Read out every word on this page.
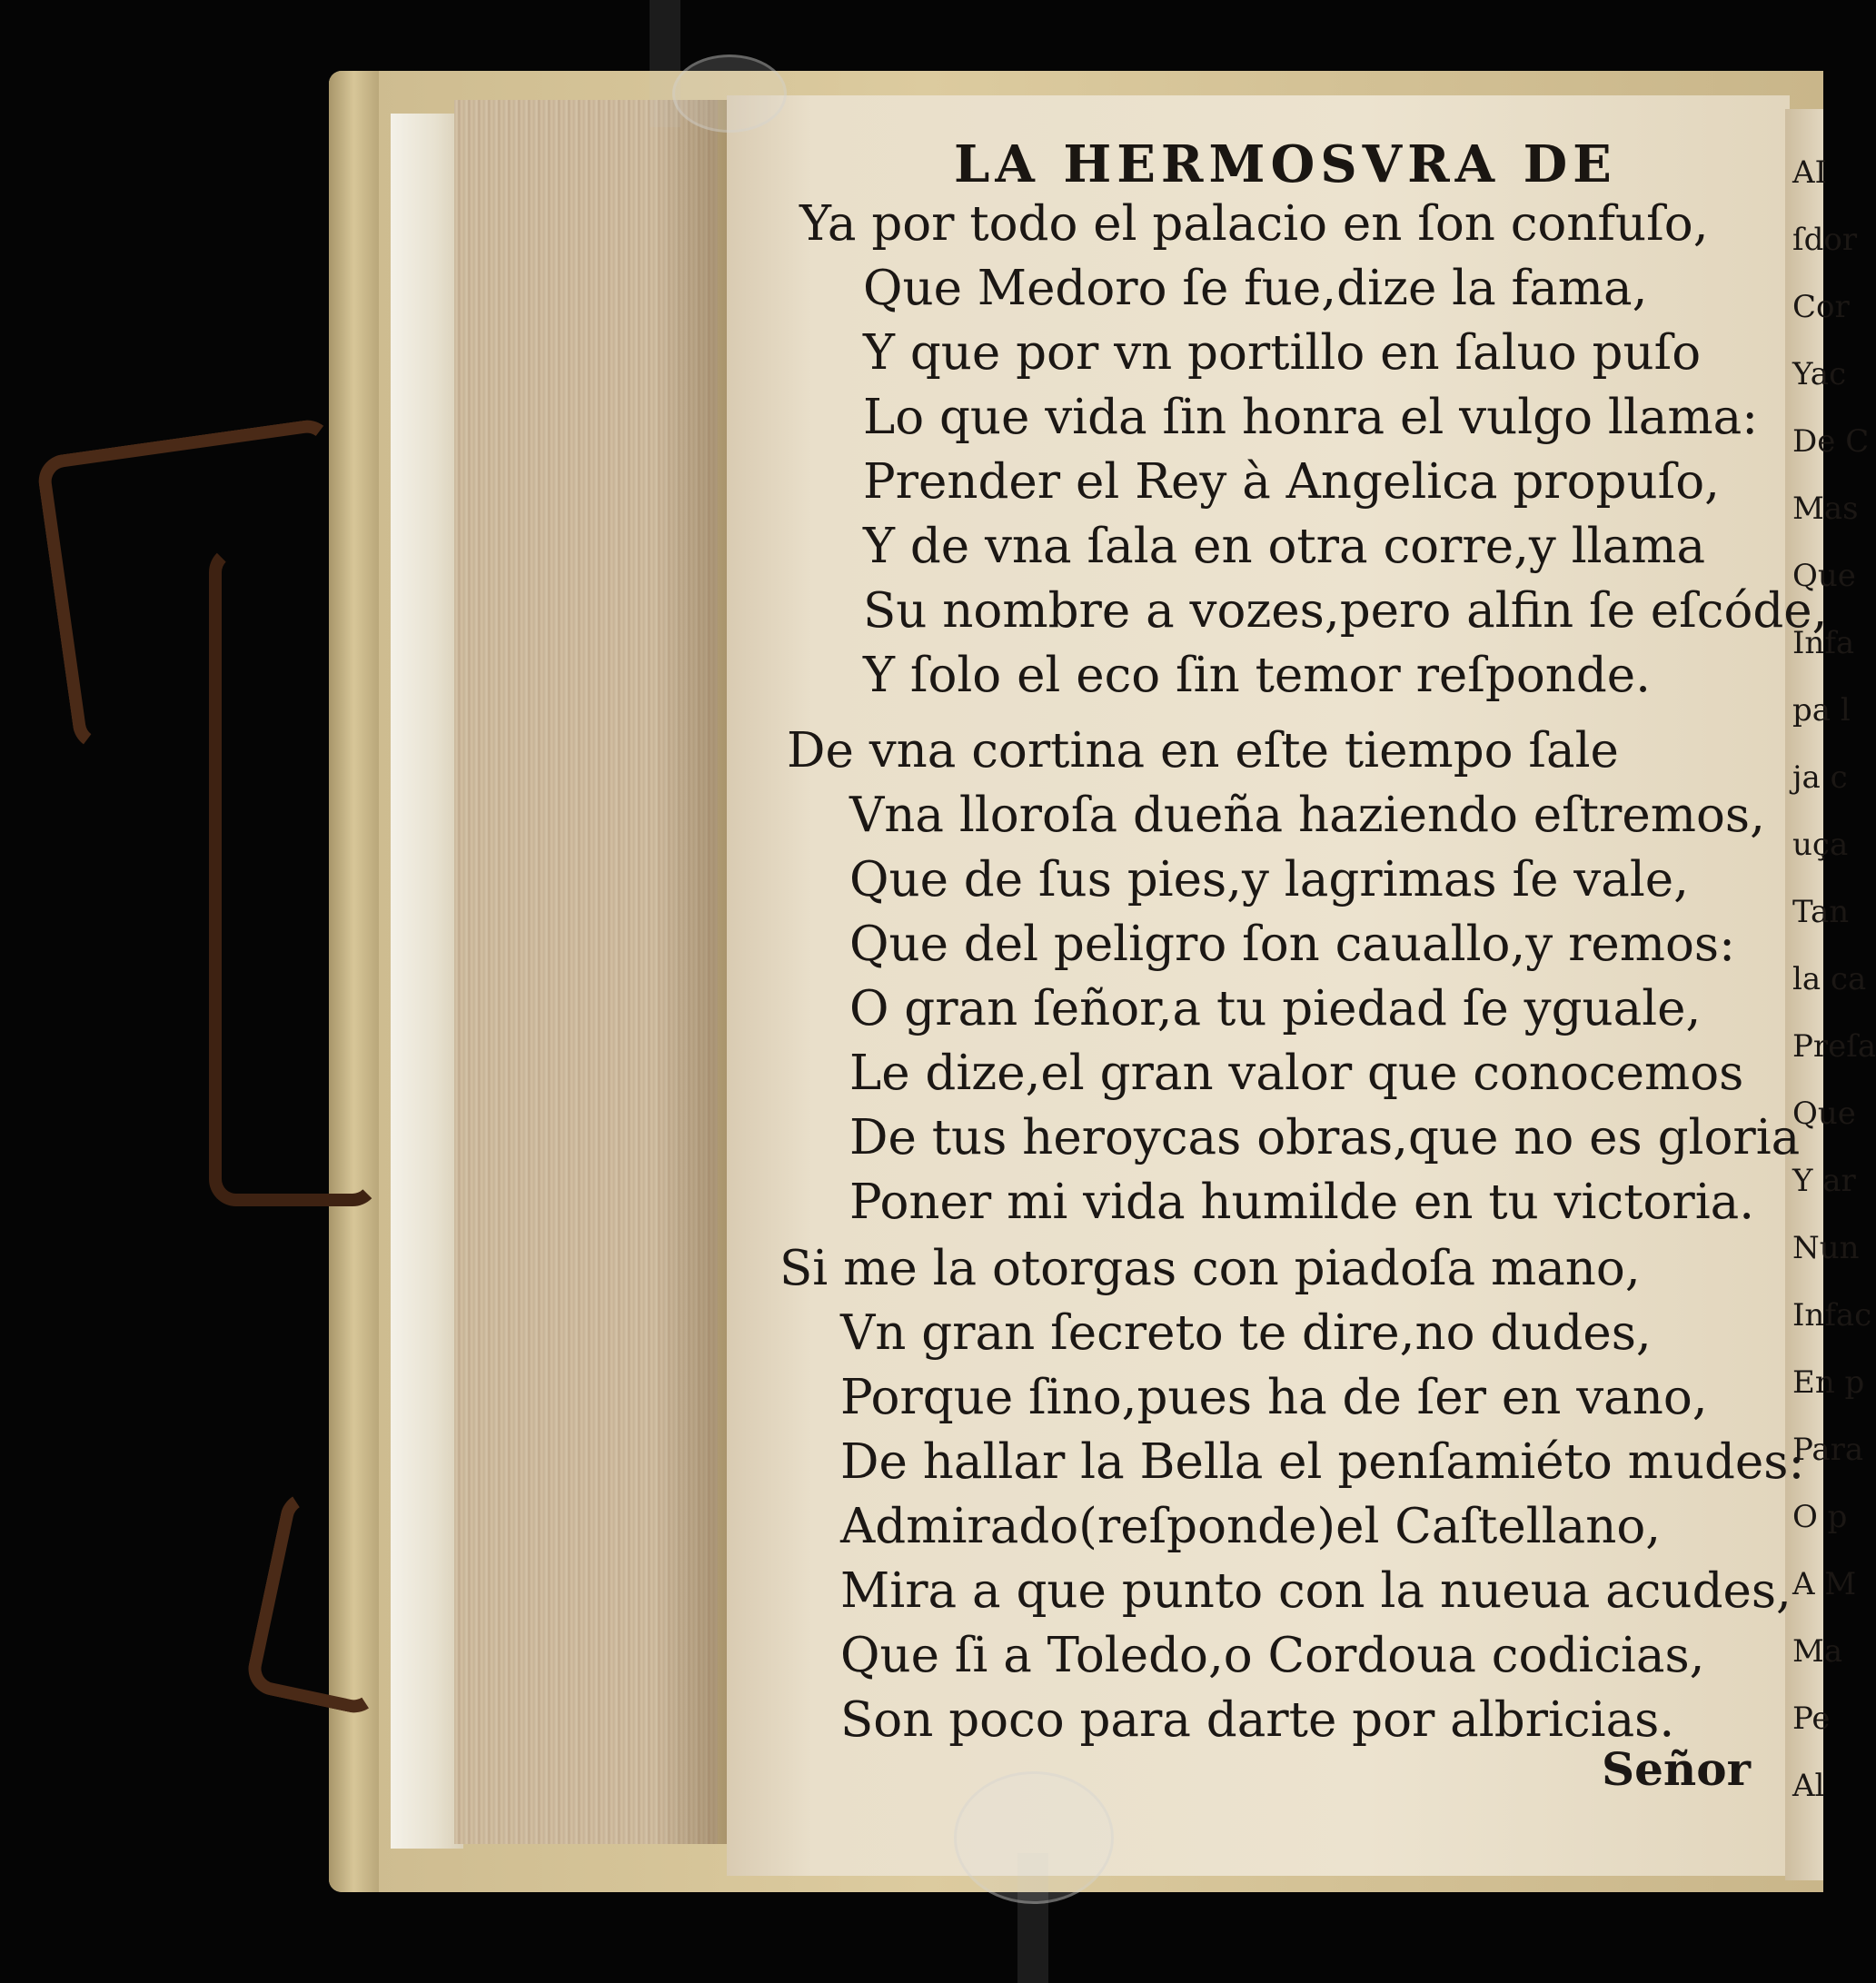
AI
ſdor
Cor
Yac
De C
Mas
Que
Infa
pa l
ja c
uça
Tan
la ca
Preſa
Que
Y ar
Nun
Infac
En p
Para
O p
A M
Ma
Pe
Al
LA HERMOSVRA DE
Ya por todo el palacio en ſon confuſo,
Que Medoro ſe fue,dize la fama,
Y que por vn portillo en ſaluo puſo
Lo que vida ſin honra el vulgo llama:
Prender el Rey à Angelica propuſo,
Y de vna ſala en otra corre,y llama
Su nombre a vozes,pero alfin ſe eſcóde,
Y ſolo el eco ſin temor reſponde.
De vna cortina en eſte tiempo ſale
Vna lloroſa dueña haziendo eſtremos,
Que de ſus pies,y lagrimas ſe vale,
Que del peligro ſon cauallo,y remos:
O gran ſeñor,a tu piedad ſe yguale,
Le dize,el gran valor que conocemos
De tus heroycas obras,que no es gloria
Poner mi vida humilde en tu victoria.
Si me la otorgas con piadoſa mano,
Vn gran ſecreto te dire,no dudes,
Porque ſino,pues ha de ſer en vano,
De hallar la Bella el penſamiéto mudes:
Admirado(reſponde)el Caſtellano,
Mira a que punto con la nueua acudes,
Que ſi a Toledo,o Cordoua codicias,
Son poco para darte por albricias.
Señor
